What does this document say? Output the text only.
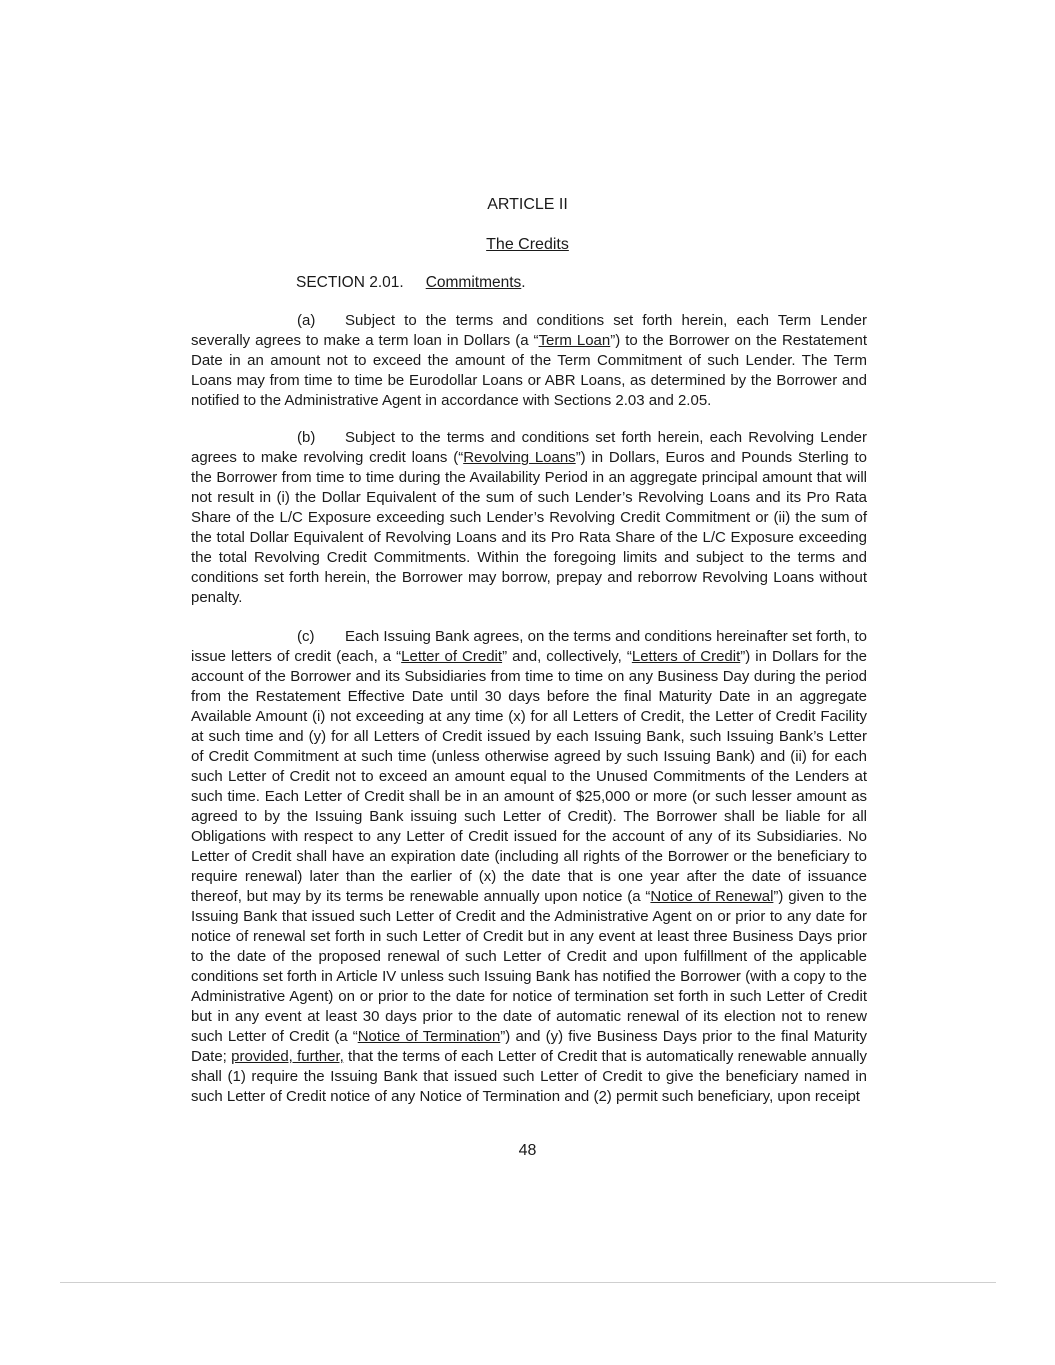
ARTICLE II
The Credits
SECTION 2.01. Commitments.

(a) Subject to the terms and conditions set forth herein, each Term Lender severally agrees to make a term loan in Dollars (a “Term Loan”) to the Borrower on the Restatement Date in an amount not to exceed the amount of the Term Commitment of such Lender. The Term Loans may from time to time be Eurodollar Loans or ABR Loans, as determined by the Borrower and notified to the Administrative Agent in accordance with Sections 2.03 and 2.05.

(b) Subject to the terms and conditions set forth herein, each Revolving Lender agrees to make revolving credit loans (“Revolving Loans”) in Dollars, Euros and Pounds Sterling to the Borrower from time to time during the Availability Period in an aggregate principal amount that will not result in (i) the Dollar Equivalent of the sum of such Lender’s Revolving Loans and its Pro Rata Share of the L/C Exposure exceeding such Lender’s Revolving Credit Commitment or (ii) the sum of the total Dollar Equivalent of Revolving Loans and its Pro Rata Share of the L/C Exposure exceeding the total Revolving Credit Commitments. Within the foregoing limits and subject to the terms and conditions set forth herein, the Borrower may borrow, prepay and reborrow Revolving Loans without penalty.

(c) Each Issuing Bank agrees, on the terms and conditions hereinafter set forth, to issue letters of credit (each, a “Letter of Credit” and, collectively, “Letters of Credit”) in Dollars for the account of the Borrower and its Subsidiaries from time to time on any Business Day during the period from the Restatement Effective Date until 30 days before the final Maturity Date in an aggregate Available Amount (i) not exceeding at any time (x) for all Letters of Credit, the Letter of Credit Facility at such time and (y) for all Letters of Credit issued by each Issuing Bank, such Issuing Bank’s Letter of Credit Commitment at such time (unless otherwise agreed by such Issuing Bank) and (ii) for each such Letter of Credit not to exceed an amount equal to the Unused Commitments of the Lenders at such time. Each Letter of Credit shall be in an amount of $25,000 or more (or such lesser amount as agreed to by the Issuing Bank issuing such Letter of Credit). The Borrower shall be liable for all Obligations with respect to any Letter of Credit issued for the account of any of its Subsidiaries. No Letter of Credit shall have an expiration date (including all rights of the Borrower or the beneficiary to require renewal) later than the earlier of (x) the date that is one year after the date of issuance thereof, but may by its terms be renewable annually upon notice (a “Notice of Renewal”) given to the Issuing Bank that issued such Letter of Credit and the Administrative Agent on or prior to any date for notice of renewal set forth in such Letter of Credit but in any event at least three Business Days prior to the date of the proposed renewal of such Letter of Credit and upon fulfillment of the applicable conditions set forth in Article IV unless such Issuing Bank has notified the Borrower (with a copy to the Administrative Agent) on or prior to the date for notice of termination set forth in such Letter of Credit but in any event at least 30 days prior to the date of automatic renewal of its election not to renew such Letter of Credit (a “Notice of Termination”) and (y) five Business Days prior to the final Maturity Date; provided, further, that the terms of each Letter of Credit that is automatically renewable annually shall (1) require the Issuing Bank that issued such Letter of Credit to give the beneficiary named in such Letter of Credit notice of any Notice of Termination and (2) permit such beneficiary, upon receipt

48
